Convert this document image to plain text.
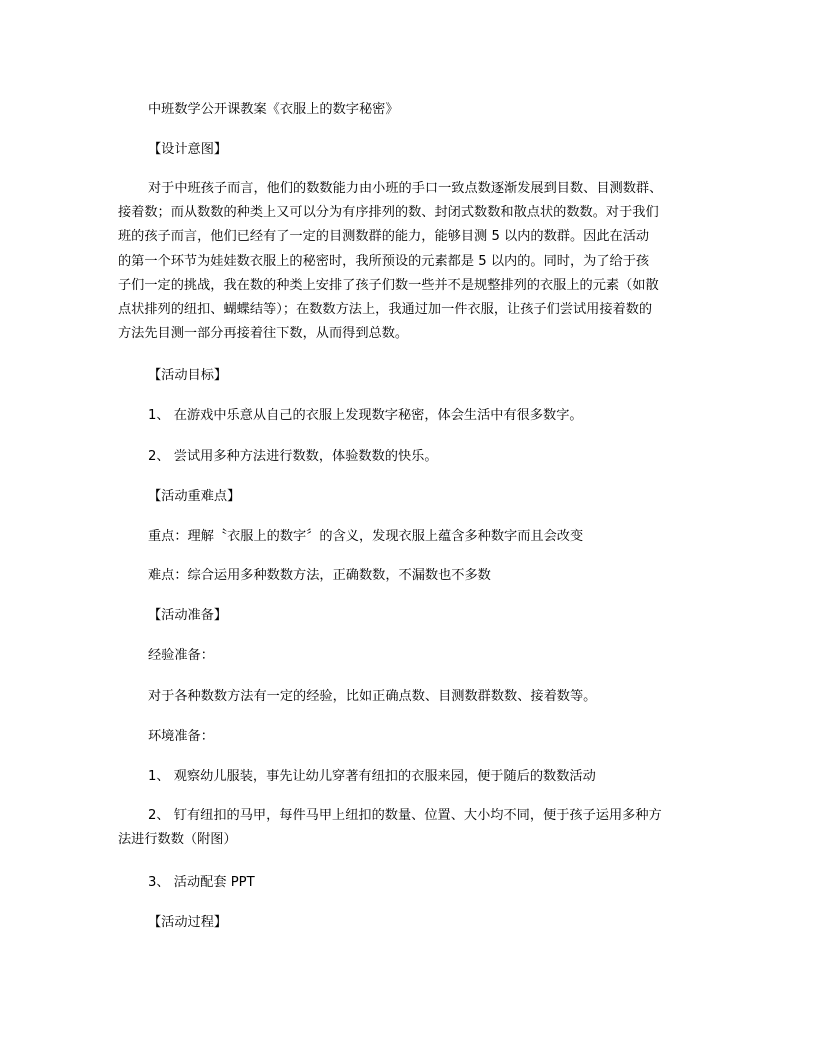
中班数学公开课教案《衣服上的数字秘密》
【设计意图】
对于中班孩子而言，他们的数数能力由小班的手口一致点数逐渐发展到目数、目测数群、
接着数；而从数数的种类上又可以分为有序排列的数、封闭式数数和散点状的数数。对于我们
班的孩子而言，他们已经有了一定的目测数群的能力，能够目测 5 以内的数群。因此在活动
的第一个环节为娃娃数衣服上的秘密时，我所预设的元素都是 5 以内的。同时，为了给于孩
子们一定的挑战，我在数的种类上安排了孩子们数一些并不是规整排列的衣服上的元素（如散
点状排列的纽扣、蝴蝶结等）；在数数方法上，我通过加一件衣服，让孩子们尝试用接着数的
方法先目测一部分再接着往下数，从而得到总数。
【活动目标】
1、 在游戏中乐意从自己的衣服上发现数字秘密，体会生活中有很多数字。
2、 尝试用多种方法进行数数，体验数数的快乐。
【活动重难点】
重点：理解〝衣服上的数字〞的含义，发现衣服上蕴含多种数字而且会改变
难点：综合运用多种数数方法，正确数数，不漏数也不多数
【活动准备】
经验准备：
对于各种数数方法有一定的经验，比如正确点数、目测数群数数、接着数等。
环境准备：
1、 观察幼儿服装，事先让幼儿穿著有纽扣的衣服来园，便于随后的数数活动
2、 钉有纽扣的马甲，每件马甲上纽扣的数量、位置、大小均不同，便于孩子运用多种方
法进行数数（附图）
3、 活动配套 PPT
【活动过程】
